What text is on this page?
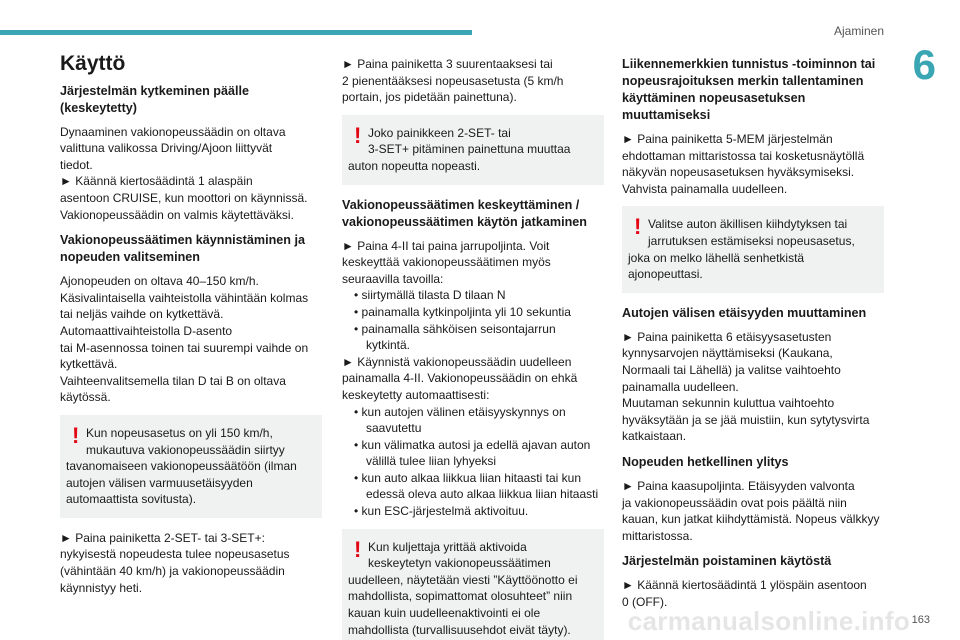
Ajaminen
6
Käyttö
Järjestelmän kytkeminen päälle
(keskeytetty)

Dynaaminen vakionopeussäädin on oltava
valittuna valikossa Driving/Ajoon liittyvät
tiedot.
► Käännä kiertosäädintä 1 alaspäin
asentoon CRUISE, kun moottori on käynnissä.
Vakionopeussäädin on valmis käytettäväksi.

Vakionopeussäätimen käynnistäminen ja
nopeuden valitseminen

Ajonopeuden on oltava 40–150 km/h.
Käsivalintaisella vaihteistolla vähintään kolmas
tai neljäs vaihde on kytkettävä.
Automaattivaihteistolla D-asento
tai M-asennossa toinen tai suurempi vaihde on
kytkettävä.
Vaihteenvalitsemella tilan D tai B on oltava
käytössä.

! Kun nopeusasetus on yli 150 km/h,
mukautuva vakionopeussäädin siirtyy
tavanomaiseen vakionopeussäätöön (ilman
autojen välisen varmuusetäisyyden
automaattista sovitusta).

► Paina painiketta 2-SET- tai 3-SET+:
nykyisestä nopeudesta tulee nopeusasetus
(vähintään 40 km/h) ja vakionopeussäädin
käynnistyy heti.

► Paina painiketta 3 suurentaaksesi tai
2 pienentääksesi nopeusasetusta (5 km/h
portain, jos pidetään painettuna).

! Joko painikkeen 2-SET- tai
3-SET+ pitäminen painettuna muuttaa
auton nopeutta nopeasti.
Vakionopeussäätimen keskeyttäminen /
vakionopeussäätimen käytön jatkaminen

► Paina 4-II tai paina jarrupoljinta. Voit
keskeyttää vakionopeussäätimen myös
seuraavilla tavoilla:
• siirtymällä tilasta D tilaan N
• painamalla kytkinpoljinta yli 10 sekuntia
• painamalla sähköisen seisontajarrun
kytkintä.
► Käynnistä vakionopeussäädin uudelleen
painamalla 4-II. Vakionopeussäädin on ehkä
keskeytetty automaattisesti:
• kun autojen välinen etäisyyskynnys on
saavutettu
• kun välimatka autosi ja edellä ajavan auton
välillä tulee liian lyhyeksi
• kun auto alkaa liikkua liian hitaasti tai kun
edessä oleva auto alkaa liikkua liian hitaasti
• kun ESC-järjestelmä aktivoituu.

! Kun kuljettaja yrittää aktivoida
keskeytetyn vakionopeussäätimen
uudelleen, näytetään viesti ”Käyttöönotto ei
mahdollista, sopimattomat olosuhteet” niin
kauan kuin uudelleenaktivointi ei ole
mahdollista (turvallisuusehdot eivät täyty).
Liikennemerkkien tunnistus -toiminnon tai
nopeusrajoituksen merkin tallentaminen
käyttäminen nopeusasetuksen
muuttamiseksi

► Paina painiketta 5-MEM järjestelmän
ehdottaman mittaristossa tai kosketusnäytöllä
näkyvän nopeusasetuksen hyväksymiseksi.
Vahvista painamalla uudelleen.

! Valitse auton äkillisen kiihdytyksen tai
jarrutuksen estämiseksi nopeusasetus,
joka on melko lähellä senhetkistä
ajonopeuttasi.
Autojen välisen etäisyyden muuttaminen

► Paina painiketta 6 etäisyysasetusten
kynnysarvojen näyttämiseksi (Kaukana,
Normaali tai Lähellä) ja valitse vaihtoehto
painamalla uudelleen.
Muutaman sekunnin kuluttua vaihtoehto
hyväksytään ja se jää muistiin, kun sytytysvirta
katkaistaan.

Nopeuden hetkellinen ylitys

► Paina kaasupoljinta. Etäisyyden valvonta
ja vakionopeussäädin ovat pois päältä niin
kauan, kun jatkat kiihdyttämistä. Nopeus välkkyy
mittaristossa.

Järjestelmän poistaminen käytöstä

► Käännä kiertosäädintä 1 ylöspäin asentoon
0 (OFF).

carmanualsonline.info 163
